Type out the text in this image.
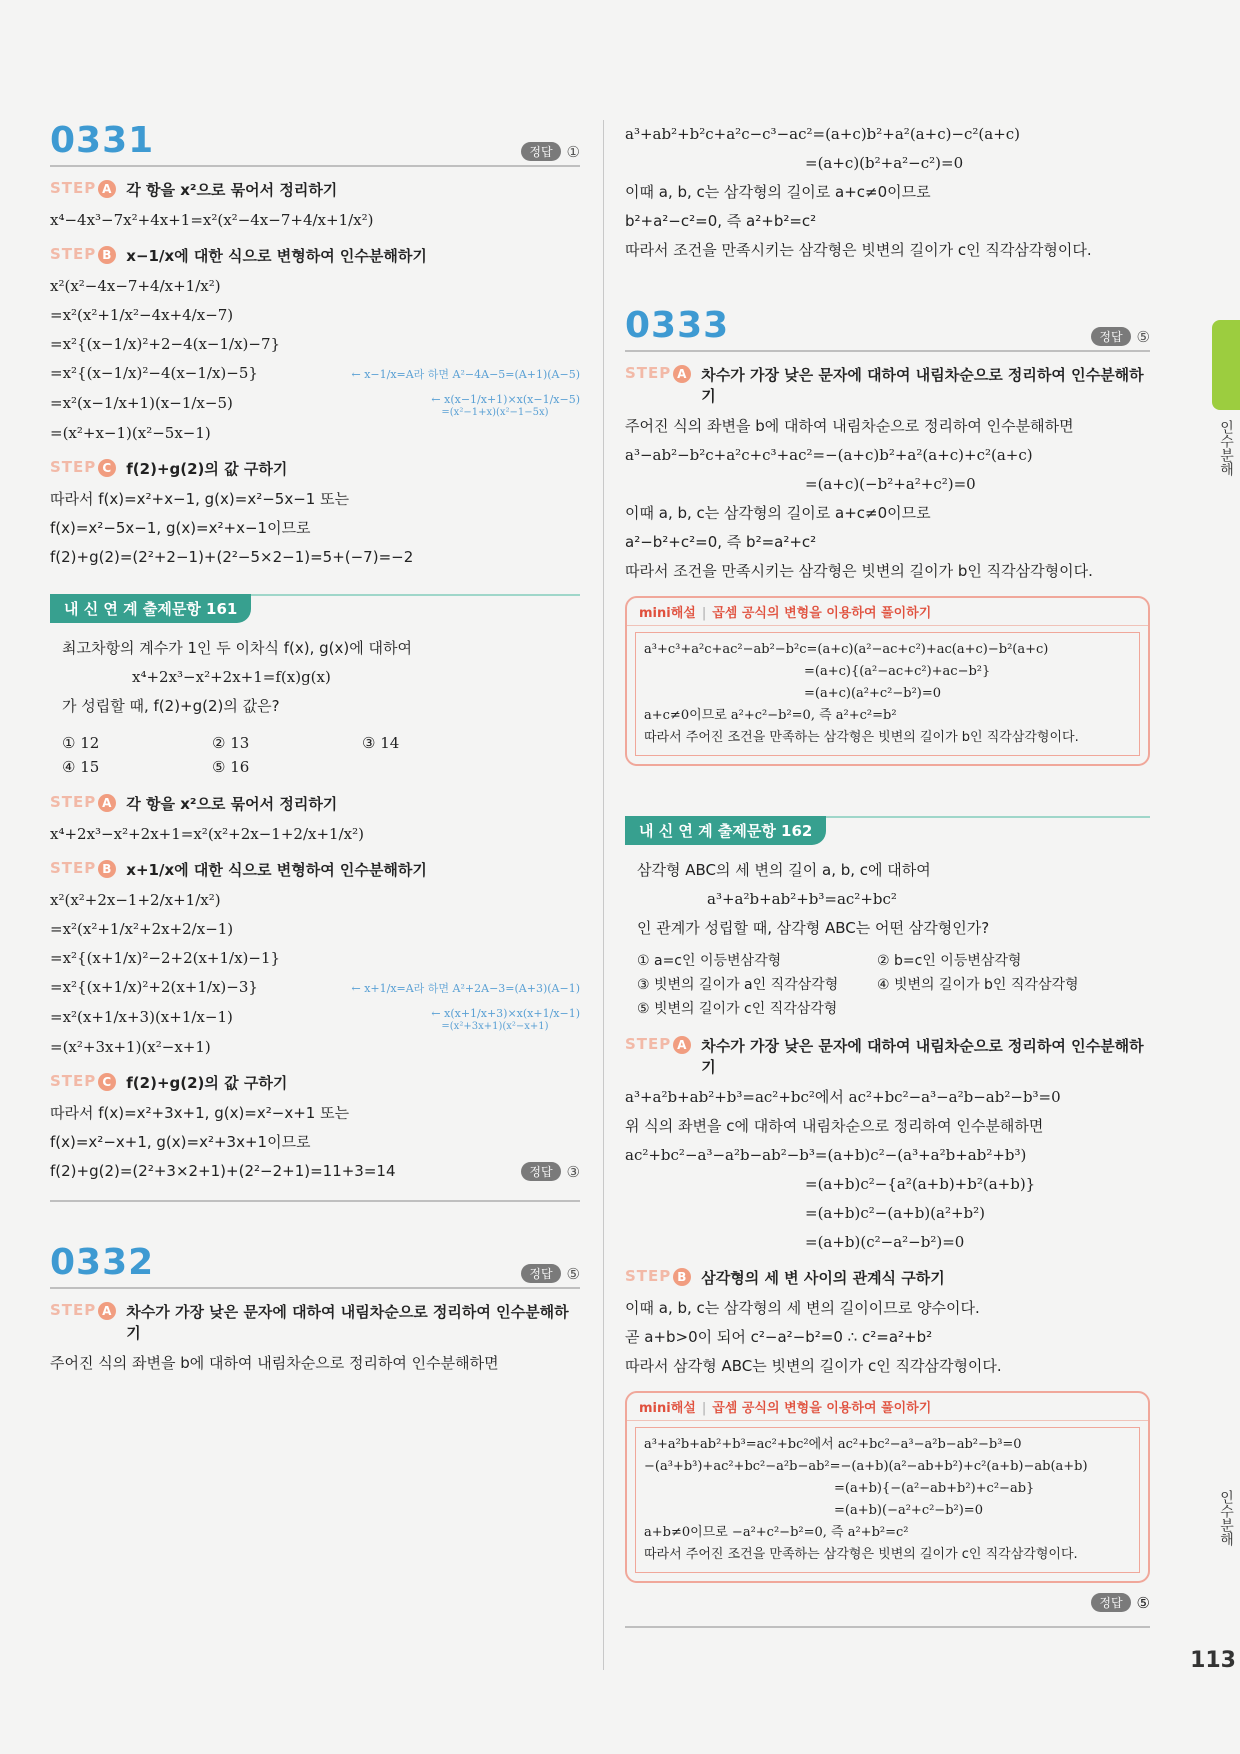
0331	정답 ①
STEP A 각 항을 x²으로 묶어서 정리하기
x⁴−4x³−7x²+4x+1=x²(x²−4x−7+4/x+1/x²)
STEP B x−1/x에 대한 식으로 변형하여 인수분해하기
x²(x²−4x−7+4/x+1/x²)
=x²(x²+1/x²−4x+4/x−7)
=x²{(x−1/x)²+2−4(x−1/x)−7}
=x²{(x−1/x)²−4(x−1/x)−5}	← x−1/x=A라 하면 A²−4A−5=(A+1)(A−5)
=x²(x−1/x+1)(x−1/x−5)	← x(x−1/x+1)×x(x−1/x−5)
=(x²−1+x)(x²−1−5x)
=(x²+x−1)(x²−5x−1)
STEP C f(2)+g(2)의 값 구하기
따라서 f(x)=x²+x−1, g(x)=x²−5x−1 또는
f(x)=x²−5x−1, g(x)=x²+x−1이므로
f(2)+g(2)=(2²+2−1)+(2²−5×2−1)=5+(−7)=−2
내 신 연 계 출제문항 161
최고차항의 계수가 1인 두 이차식 f(x), g(x)에 대하여
x⁴+2x³−x²+2x+1=f(x)g(x)
가 성립할 때, f(2)+g(2)의 값은?
① 12	② 13	③ 14
④ 15	⑤ 16
STEP A 각 항을 x²으로 묶어서 정리하기
x⁴+2x³−x²+2x+1=x²(x²+2x−1+2/x+1/x²)
STEP B x+1/x에 대한 식으로 변형하여 인수분해하기
x²(x²+2x−1+2/x+1/x²)
=x²(x²+1/x²+2x+2/x−1)
=x²{(x+1/x)²−2+2(x+1/x)−1}
=x²{(x+1/x)²+2(x+1/x)−3}	← x+1/x=A라 하면 A²+2A−3=(A+3)(A−1)
=x²(x+1/x+3)(x+1/x−1)	← x(x+1/x+3)×x(x+1/x−1)
=(x²+3x+1)(x²−x+1)
=(x²+3x+1)(x²−x+1)
STEP C f(2)+g(2)의 값 구하기
따라서 f(x)=x²+3x+1, g(x)=x²−x+1 또는
f(x)=x²−x+1, g(x)=x²+3x+1이므로
f(2)+g(2)=(2²+3×2+1)+(2²−2+1)=11+3=14	정답 ③
0332	정답 ⑤
STEP A 차수가 가장 낮은 문자에 대하여 내림차순으로 정리하여 인수분해하기
주어진 식의 좌변을 b에 대하여 내림차순으로 정리하여 인수분해하면
a³+ab²+b²c+a²c−c³−ac²=(a+c)b²+a²(a+c)−c²(a+c)
=(a+c)(b²+a²−c²)=0
이때 a, b, c는 삼각형의 길이로 a+c≠0이므로
b²+a²−c²=0, 즉 a²+b²=c²
따라서 조건을 만족시키는 삼각형은 빗변의 길이가 c인 직각삼각형이다.
0333	정답 ⑤
STEP A 차수가 가장 낮은 문자에 대하여 내림차순으로 정리하여 인수분해하기
주어진 식의 좌변을 b에 대하여 내림차순으로 정리하여 인수분해하면
a³−ab²−b²c+a²c+c³+ac²=−(a+c)b²+a²(a+c)+c²(a+c)
=(a+c)(−b²+a²+c²)=0
이때 a, b, c는 삼각형의 길이로 a+c≠0이므로
a²−b²+c²=0, 즉 b²=a²+c²
따라서 조건을 만족시키는 삼각형은 빗변의 길이가 b인 직각삼각형이다.
mini해설 | 곱셈 공식의 변형을 이용하여 풀이하기
a³+c³+a²c+ac²−ab²−b²c=(a+c)(a²−ac+c²)+ac(a+c)−b²(a+c)
=(a+c){(a²−ac+c²)+ac−b²}
=(a+c)(a²+c²−b²)=0
a+c≠0이므로 a²+c²−b²=0, 즉 a²+c²=b²
따라서 주어진 조건을 만족하는 삼각형은 빗변의 길이가 b인 직각삼각형이다.
내 신 연 계 출제문항 162
삼각형 ABC의 세 변의 길이 a, b, c에 대하여
a³+a²b+ab²+b³=ac²+bc²
인 관계가 성립할 때, 삼각형 ABC는 어떤 삼각형인가?
① a=c인 이등변삼각형	② b=c인 이등변삼각형
③ 빗변의 길이가 a인 직각삼각형	④ 빗변의 길이가 b인 직각삼각형
⑤ 빗변의 길이가 c인 직각삼각형
STEP A 차수가 가장 낮은 문자에 대하여 내림차순으로 정리하여 인수분해하기
a³+a²b+ab²+b³=ac²+bc²에서 ac²+bc²−a³−a²b−ab²−b³=0
위 식의 좌변을 c에 대하여 내림차순으로 정리하여 인수분해하면
ac²+bc²−a³−a²b−ab²−b³=(a+b)c²−(a³+a²b+ab²+b³)
=(a+b)c²−{a²(a+b)+b²(a+b)}
=(a+b)c²−(a+b)(a²+b²)
=(a+b)(c²−a²−b²)=0
STEP B 삼각형의 세 변 사이의 관계식 구하기
이때 a, b, c는 삼각형의 세 변의 길이이므로 양수이다.
곧 a+b>0이 되어 c²−a²−b²=0 ∴ c²=a²+b²
따라서 삼각형 ABC는 빗변의 길이가 c인 직각삼각형이다.
mini해설 | 곱셈 공식의 변형을 이용하여 풀이하기
a³+a²b+ab²+b³=ac²+bc²에서 ac²+bc²−a³−a²b−ab²−b³=0
−(a³+b³)+ac²+bc²−a²b−ab²=−(a+b)(a²−ab+b²)+c²(a+b)−ab(a+b)
=(a+b){−(a²−ab+b²)+c²−ab}
=(a+b)(−a²+c²−b²)=0
a+b≠0이므로 −a²+c²−b²=0, 즉 a²+b²=c²
따라서 주어진 조건을 만족하는 삼각형은 빗변의 길이가 c인 직각삼각형이다.
정답 ⑤
인수분해
인수분해
113
